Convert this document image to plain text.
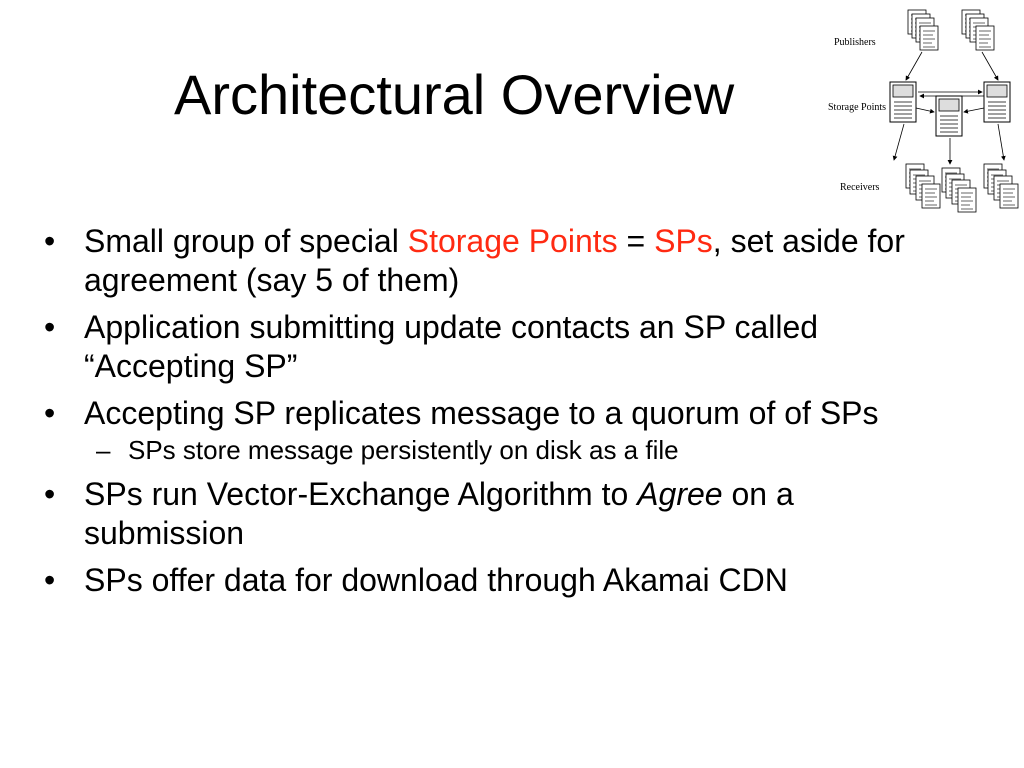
Architectural Overview
Publishers
Storage Points
Receivers
• Small group of special Storage Points = SPs, set aside for agreement (say 5 of them)
• Application submitting update contacts an SP called “Accepting SP”
• Accepting SP replicates message to a quorum of of SPs
– SPs store message persistently on disk as a file
• SPs run Vector-Exchange Algorithm to Agree on a submission
• SPs offer data for download through Akamai CDN
